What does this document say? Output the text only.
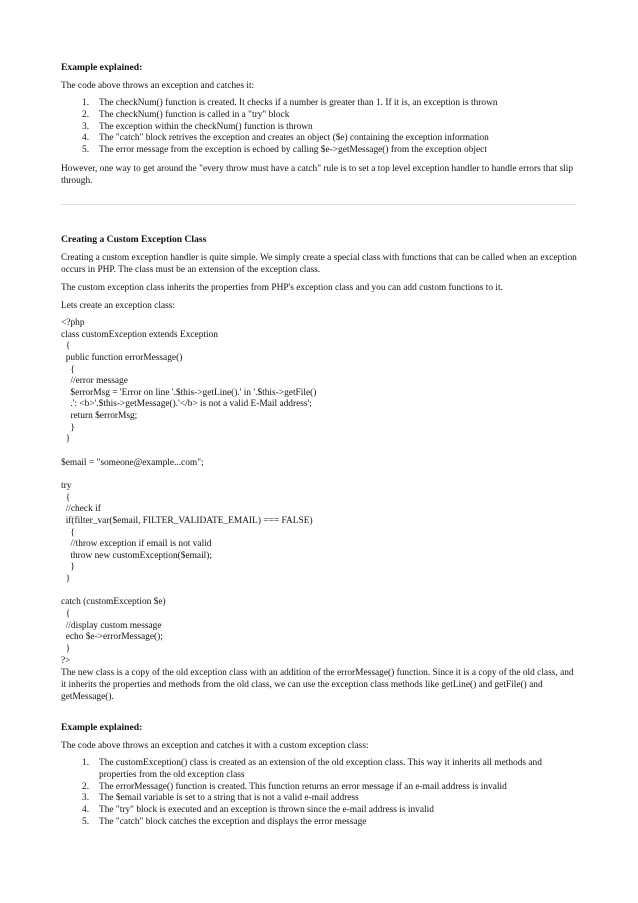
Example explained:

The code above throws an exception and catches it:

1. The checkNum() function is created. It checks if a number is greater than 1. If it is, an exception is thrown
2. The checkNum() function is called in a "try" block
3. The exception within the checkNum() function is thrown
4. The "catch" block retrives the exception and creates an object ($e) containing the exception information
5. The error message from the exception is echoed by calling $e->getMessage() from the exception object

However, one way to get around the "every throw must have a catch" rule is to set a top level exception handler to handle errors that slip through.

Creating a Custom Exception Class

Creating a custom exception handler is quite simple. We simply create a special class with functions that can be called when an exception occurs in PHP. The class must be an extension of the exception class.

The custom exception class inherits the properties from PHP's exception class and you can add custom functions to it.

Lets create an exception class:

<?php
class customException extends Exception
{
public function errorMessage()
{
//error message
$errorMsg = 'Error on line '.$this->getLine().' in '.$this->getFile()
.': <b>'.$this->getMessage().'</b> is not a valid E-Mail address';
return $errorMsg;
}
}
$email = "someone@example...com";
try
{
//check if
if(filter_var($email, FILTER_VALIDATE_EMAIL) === FALSE)
{
//throw exception if email is not valid
throw new customException($email);
}
}
catch (customException $e)
{
//display custom message
echo $e->errorMessage();
}
?>

The new class is a copy of the old exception class with an addition of the errorMessage() function. Since it is a copy of the old class, and it inherits the properties and methods from the old class, we can use the exception class methods like getLine() and getFile() and getMessage().

Example explained:

The code above throws an exception and catches it with a custom exception class:

1. The customException() class is created as an extension of the old exception class. This way it inherits all methods and properties from the old exception class
2. The errorMessage() function is created. This function returns an error message if an e-mail address is invalid
3. The $email variable is set to a string that is not a valid e-mail address
4. The "try" block is executed and an exception is thrown since the e-mail address is invalid
5. The "catch" block catches the exception and displays the error message
